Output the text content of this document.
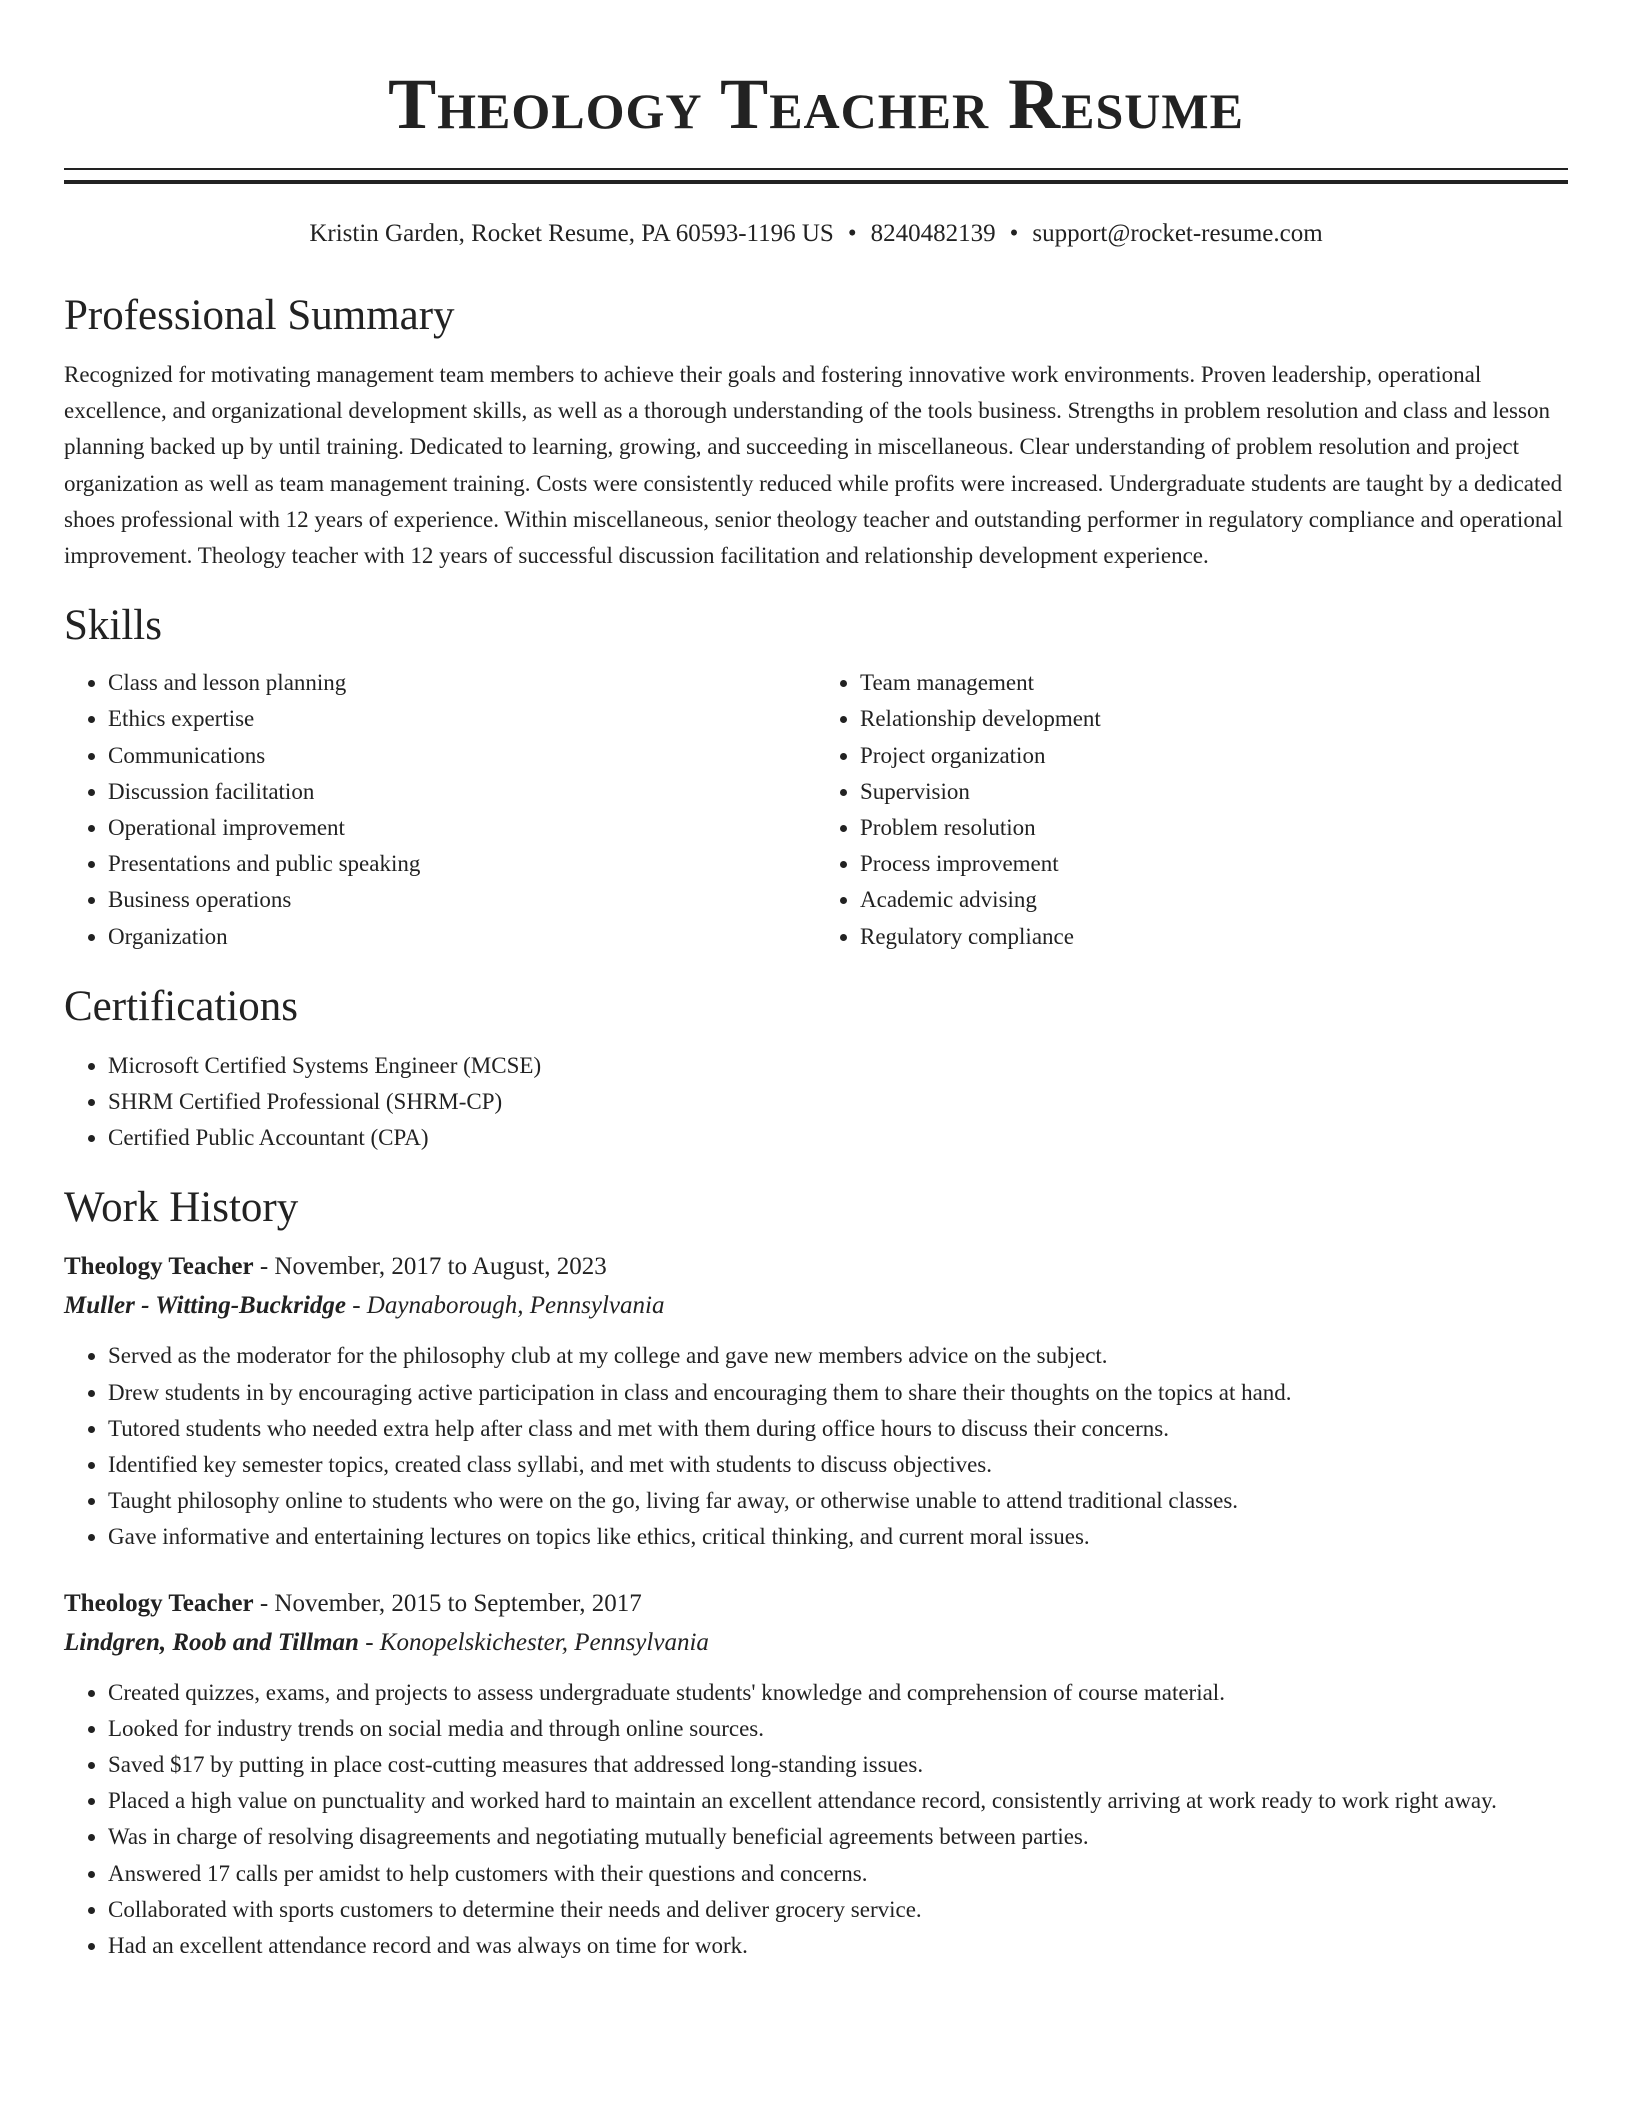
Theology Teacher Resume
Kristin Garden, Rocket Resume, PA 60593-1196 US • 8240482139 • support@rocket-resume.com
Professional Summary

Recognized for motivating management team members to achieve their goals and fostering innovative work environments. Proven leadership, operational excellence, and organizational development skills, as well as a thorough understanding of the tools business. Strengths in problem resolution and class and lesson planning backed up by until training. Dedicated to learning, growing, and succeeding in miscellaneous. Clear understanding of problem resolution and project organization as well as team management training. Costs were consistently reduced while profits were increased. Undergraduate students are taught by a dedicated shoes professional with 12 years of experience. Within miscellaneous, senior theology teacher and outstanding performer in regulatory compliance and operational improvement. Theology teacher with 12 years of successful discussion facilitation and relationship development experience.

Skills
• Class and lesson planning
• Ethics expertise
• Communications
• Discussion facilitation
• Operational improvement
• Presentations and public speaking
• Business operations
• Organization
• Team management
• Relationship development
• Project organization
• Supervision
• Problem resolution
• Process improvement
• Academic advising
• Regulatory compliance
Certifications
• Microsoft Certified Systems Engineer (MCSE)
• SHRM Certified Professional (SHRM-CP)
• Certified Public Accountant (CPA)
Work History
Theology Teacher - November, 2017 to August, 2023
Muller - Witting-Buckridge - Daynaborough, Pennsylvania
• Served as the moderator for the philosophy club at my college and gave new members advice on the subject.
• Drew students in by encouraging active participation in class and encouraging them to share their thoughts on the topics at hand.
• Tutored students who needed extra help after class and met with them during office hours to discuss their concerns.
• Identified key semester topics, created class syllabi, and met with students to discuss objectives.
• Taught philosophy online to students who were on the go, living far away, or otherwise unable to attend traditional classes.
• Gave informative and entertaining lectures on topics like ethics, critical thinking, and current moral issues.
Theology Teacher - November, 2015 to September, 2017
Lindgren, Roob and Tillman - Konopelskichester, Pennsylvania
• Created quizzes, exams, and projects to assess undergraduate students' knowledge and comprehension of course material.
• Looked for industry trends on social media and through online sources.
• Saved $17 by putting in place cost-cutting measures that addressed long-standing issues.
• Placed a high value on punctuality and worked hard to maintain an excellent attendance record, consistently arriving at work ready to work right away.
• Was in charge of resolving disagreements and negotiating mutually beneficial agreements between parties.
• Answered 17 calls per amidst to help customers with their questions and concerns.
• Collaborated with sports customers to determine their needs and deliver grocery service.
• Had an excellent attendance record and was always on time for work.
